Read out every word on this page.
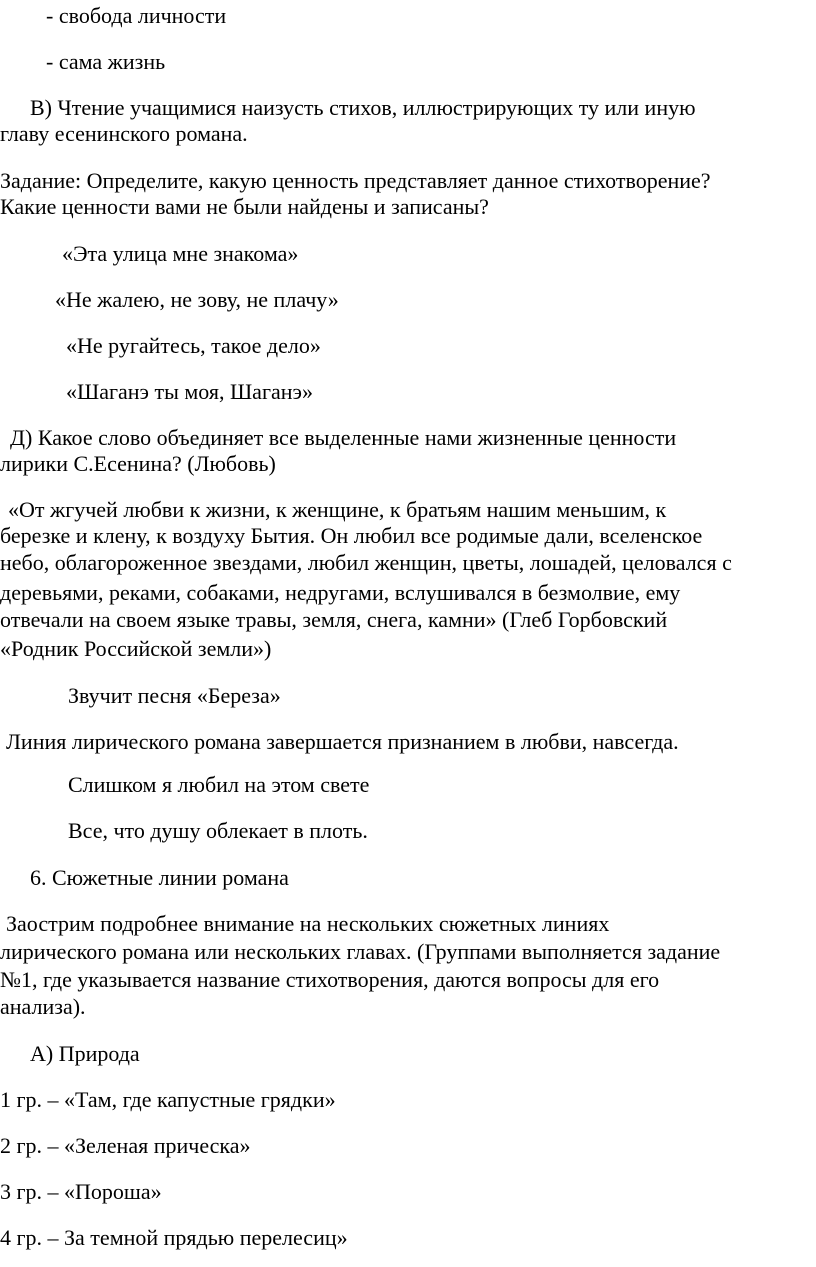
- свобода личности
- сама жизнь
В) Чтение учащимися наизусть стихов, иллюстрирующих ту или иную
главу есенинского романа.
Задание: Определите, какую ценность представляет данное стихотворение?
Какие ценности вами не были найдены и записаны?
«Эта улица мне знакома»
«Не жалею, не зову, не плачу»
«Не ругайтесь, такое дело»
«Шаганэ ты моя, Шаганэ»
Д) Какое слово объединяет все выделенные нами жизненные ценности
лирики С.Есенина? (Любовь)
«От жгучей любви к жизни, к женщине, к братьям нашим меньшим, к
березке и клену, к воздуху Бытия. Он любил все родимые дали, вселенское
небо, облагороженное звездами, любил женщин, цветы, лошадей, целовался с
деревьями, реками, собаками, недругами, вслушивался в безмолвие, ему
отвечали на своем языке травы, земля, снега, камни» (Глеб Горбовский
«Родник Российской земли»)
Звучит песня «Береза»
Линия лирического романа завершается признанием в любви, навсегда.
Слишком я любил на этом свете
Все, что душу облекает в плоть.
6. Сюжетные линии романа
Заострим подробнее внимание на нескольких сюжетных линиях
лирического романа или нескольких главах. (Группами выполняется задание
№1, где указывается название стихотворения, даются вопросы для его
анализа).
А) Природа
1 гр. – «Там, где капустные грядки»
2 гр. – «Зеленая прическа»
3 гр. – «Пороша»
4 гр. – За темной прядью перелесиц»
